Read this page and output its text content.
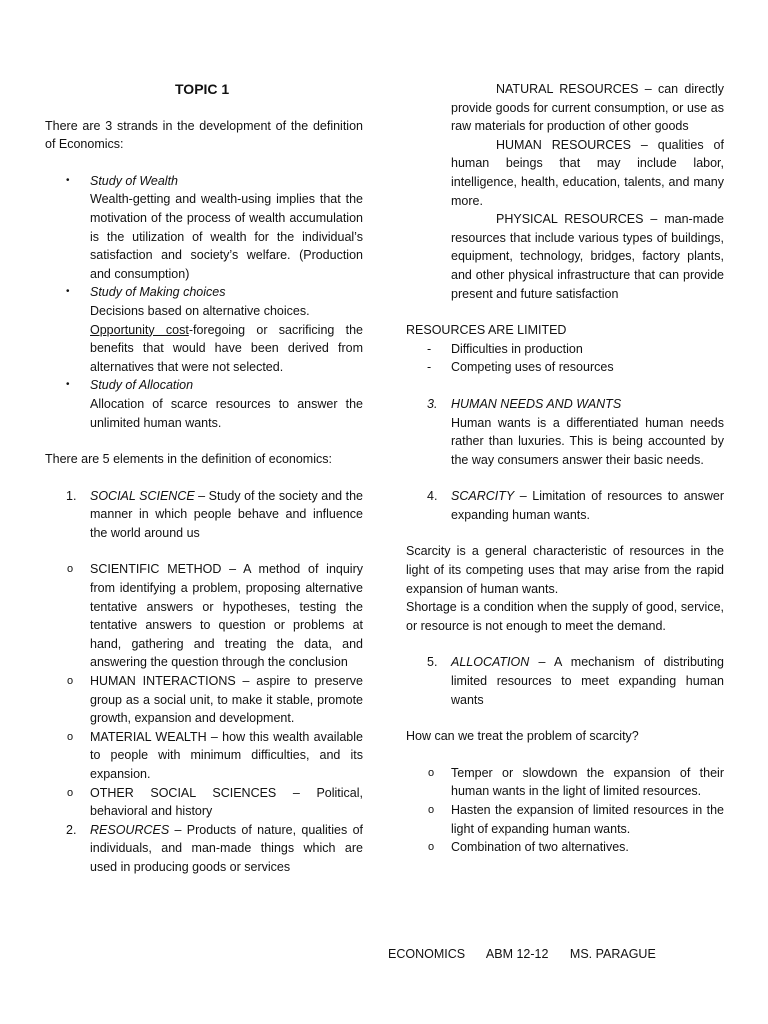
TOPIC 1

There are 3 strands in the development of the definition of Economics:

• Study of Wealth

Wealth-getting and wealth-using implies that the motivation of the process of wealth accumulation is the utilization of wealth for the individual’s satisfaction and society’s welfare. (Production and consumption)

• Study of Making choices

Decisions based on alternative choices.

Opportunity cost-foregoing or sacrificing the benefits that would have been derived from alternatives that were not selected.

• Study of Allocation

Allocation of scarce resources to answer the unlimited human wants.

There are 5 elements in the definition of economics:

1. SOCIAL SCIENCE – Study of the society and the manner in which people behave and influence the world around us

o SCIENTIFIC METHOD – A method of inquiry from identifying a problem, proposing alternative tentative answers or hypotheses, testing the tentative answers to question or problems at hand, gathering and treating the data, and answering the question through the conclusion

o HUMAN INTERACTIONS – aspire to preserve group as a social unit, to make it stable, promote growth, expansion and development.

o MATERIAL WEALTH – how this wealth available to people with minimum difficulties, and its expansion.

o OTHER SOCIAL SCIENCES – Political, behavioral and history

2. RESOURCES – Products of nature, qualities of individuals, and man-made things which are used in producing goods or services

NATURAL RESOURCES – can directly provide goods for current consumption, or use as raw materials for production of other goods

HUMAN RESOURCES – qualities of human beings that may include labor, intelligence, health, education, talents, and many more.

PHYSICAL RESOURCES – man-made resources that include various types of buildings, equipment, technology, bridges, factory plants, and other physical infrastructure that can provide present and future satisfaction

RESOURCES ARE LIMITED

- Difficulties in production

- Competing uses of resources

3. HUMAN NEEDS AND WANTS

Human wants is a differentiated human needs rather than luxuries. This is being accounted by the way consumers answer their basic needs.

4. SCARCITY – Limitation of resources to answer expanding human wants.

Scarcity is a general characteristic of resources in the light of its competing uses that may arise from the rapid expansion of human wants.

Shortage is a condition when the supply of good, service, or resource is not enough to meet the demand.

5. ALLOCATION – A mechanism of distributing limited resources to meet expanding human wants

How can we treat the problem of scarcity?

o Temper or slowdown the expansion of their human wants in the light of limited resources.

o Hasten the expansion of limited resources in the light of expanding human wants.

o Combination of two alternatives.

ECONOMICS ABM 12-12 MS. PARAGUE
